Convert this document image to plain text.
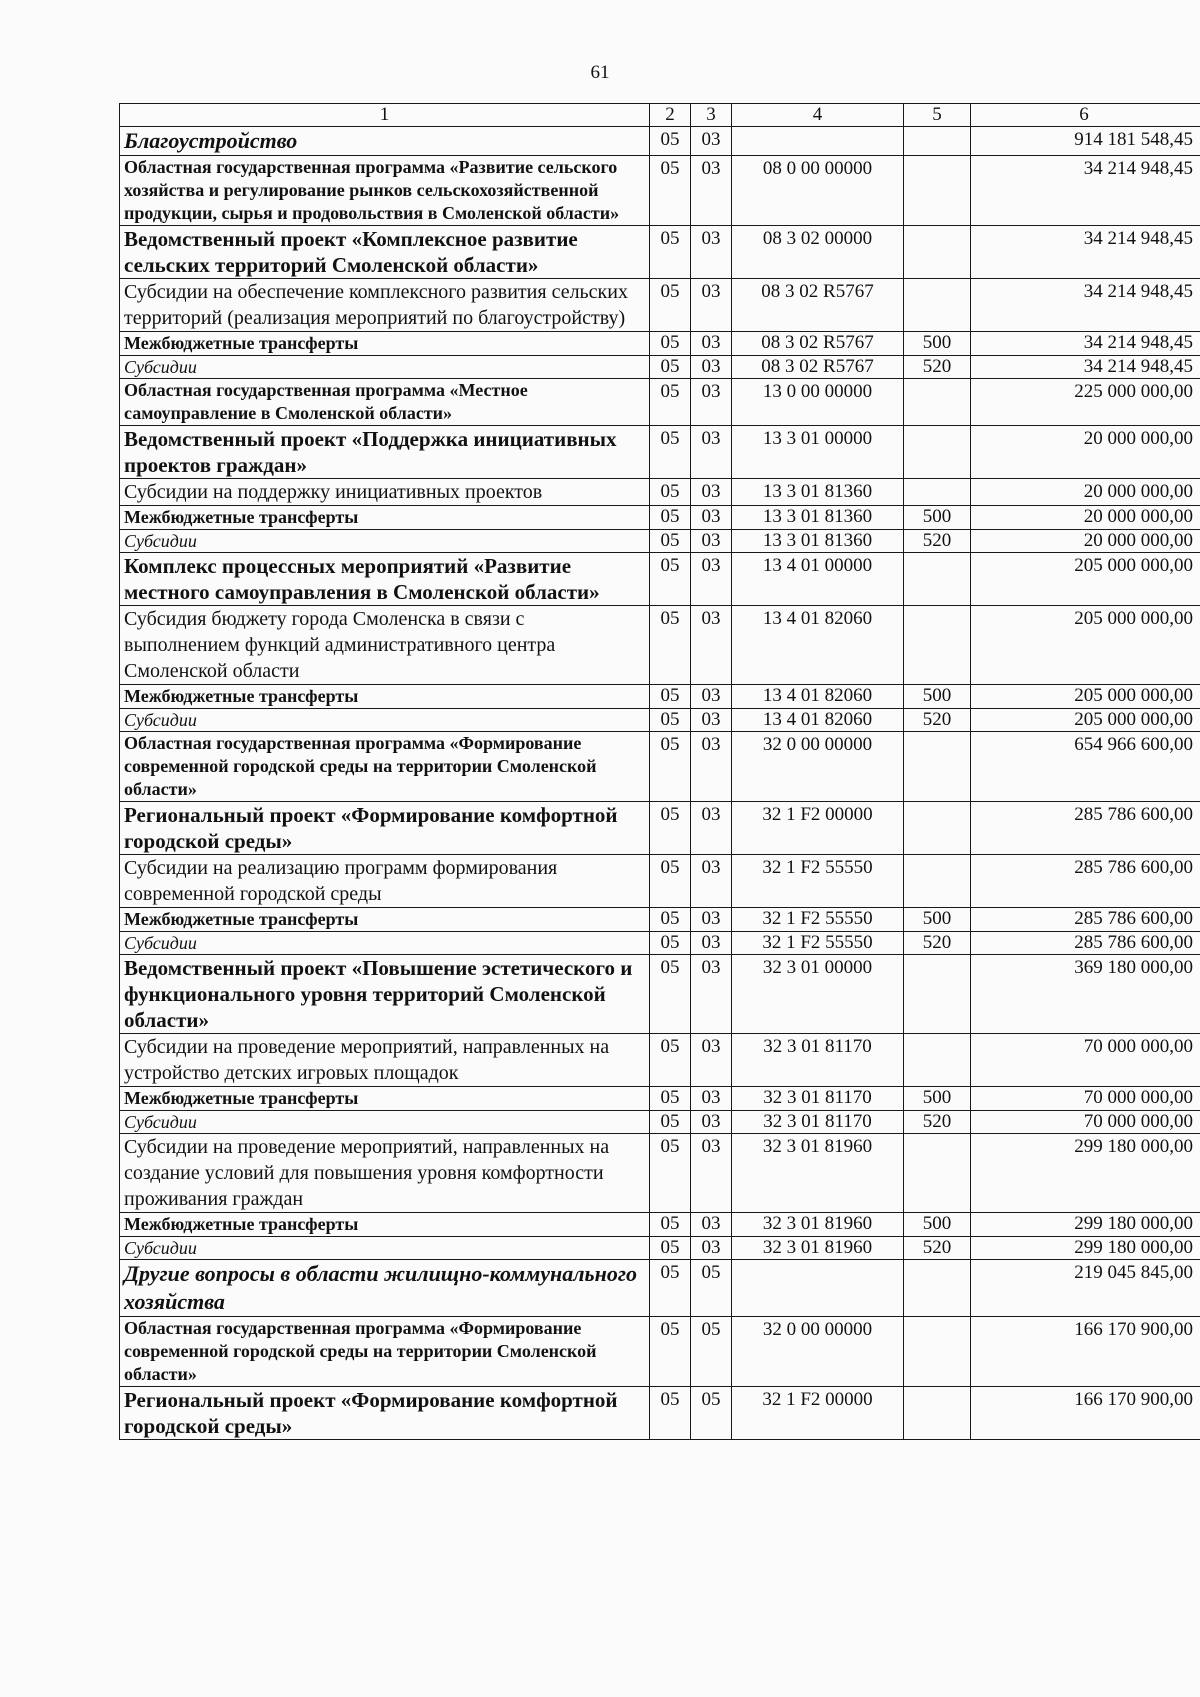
61
1	2	3	4	5	6
Благоустройство	05	03			914 181 548,45
Областная государственная программа «Развитие сельского хозяйства и регулирование рынков сельскохозяйственной продукции, сырья и продовольствия в Смоленской области»	05	03	08 0 00 00000		34 214 948,45
Ведомственный проект «Комплексное развитие сельских территорий Смоленской области»	05	03	08 3 02 00000		34 214 948,45
Субсидии на обеспечение комплексного развития сельских территорий (реализация мероприятий по благоустройству)	05	03	08 3 02 R5767		34 214 948,45
Межбюджетные трансферты	05	03	08 3 02 R5767	500	34 214 948,45
Субсидии	05	03	08 3 02 R5767	520	34 214 948,45
Областная государственная программа «Местное самоуправление в Смоленской области»	05	03	13 0 00 00000		225 000 000,00
Ведомственный проект «Поддержка инициативных проектов граждан»	05	03	13 3 01 00000		20 000 000,00
Субсидии на поддержку инициативных проектов	05	03	13 3 01 81360		20 000 000,00
Межбюджетные трансферты	05	03	13 3 01 81360	500	20 000 000,00
Субсидии	05	03	13 3 01 81360	520	20 000 000,00
Комплекс процессных мероприятий «Развитие местного самоуправления в Смоленской области»	05	03	13 4 01 00000		205 000 000,00
Субсидия бюджету города Смоленска в связи с выполнением функций административного центра Смоленской области	05	03	13 4 01 82060		205 000 000,00
Межбюджетные трансферты	05	03	13 4 01 82060	500	205 000 000,00
Субсидии	05	03	13 4 01 82060	520	205 000 000,00
Областная государственная программа «Формирование современной городской среды на территории Смоленской области»	05	03	32 0 00 00000		654 966 600,00
Региональный проект «Формирование комфортной городской среды»	05	03	32 1 F2 00000		285 786 600,00
Субсидии на реализацию программ формирования современной городской среды	05	03	32 1 F2 55550		285 786 600,00
Межбюджетные трансферты	05	03	32 1 F2 55550	500	285 786 600,00
Субсидии	05	03	32 1 F2 55550	520	285 786 600,00
Ведомственный проект «Повышение эстетического и функционального уровня территорий Смоленской области»	05	03	32 3 01 00000		369 180 000,00
Субсидии на проведение мероприятий, направленных на устройство детских игровых площадок	05	03	32 3 01 81170		70 000 000,00
Межбюджетные трансферты	05	03	32 3 01 81170	500	70 000 000,00
Субсидии	05	03	32 3 01 81170	520	70 000 000,00
Субсидии на проведение мероприятий, направленных на создание условий для повышения уровня комфортности проживания граждан	05	03	32 3 01 81960		299 180 000,00
Межбюджетные трансферты	05	03	32 3 01 81960	500	299 180 000,00
Субсидии	05	03	32 3 01 81960	520	299 180 000,00
Другие вопросы в области жилищно-коммунального хозяйства	05	05			219 045 845,00
Областная государственная программа «Формирование современной городской среды на территории Смоленской области»	05	05	32 0 00 00000		166 170 900,00
Региональный проект «Формирование комфортной городской среды»	05	05	32 1 F2 00000		166 170 900,00
